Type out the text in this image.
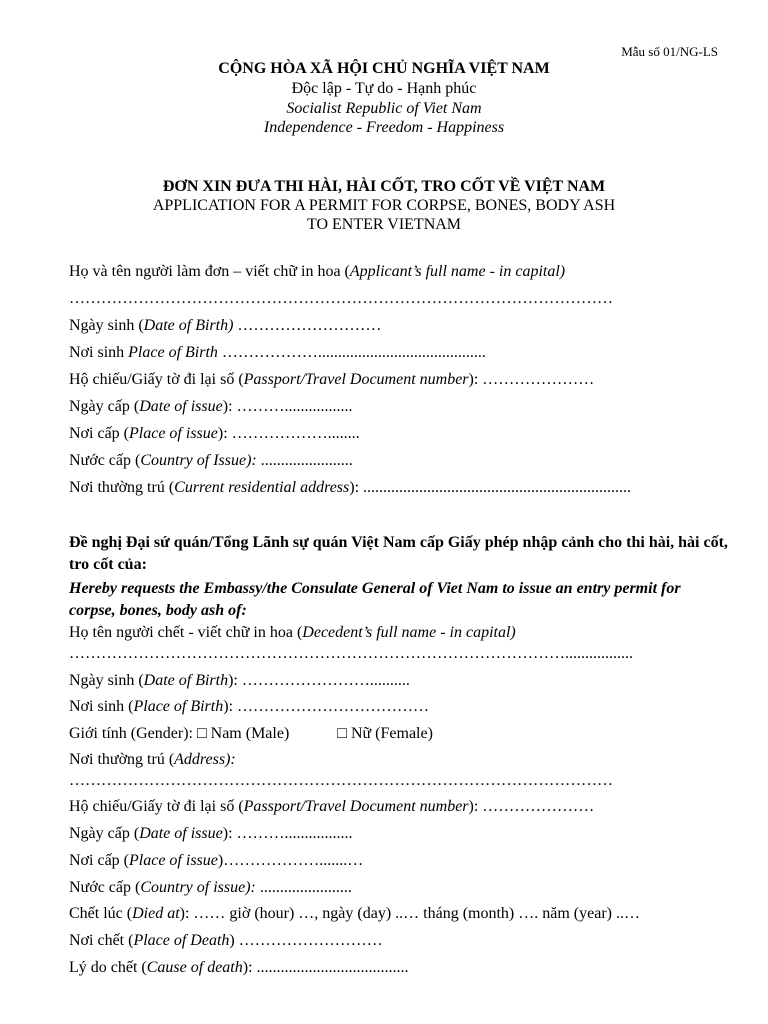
Mẫu số 01/NG-LS
CỘNG HÒA XÃ HỘI CHỦ NGHĨA VIỆT NAM
Độc lập - Tự do - Hạnh phúc
Socialist Republic of Viet Nam
Independence - Freedom - Happiness
ĐƠN XIN ĐƯA THI HÀI, HÀI CỐT, TRO CỐT VỀ VIỆT NAM
APPLICATION FOR A PERMIT FOR CORPSE, BONES, BODY ASH
TO ENTER VIETNAM
Họ và tên người làm đơn – viết chữ in hoa (Applicant’s full name - in capital)
…………………………………………………………………………………………
Ngày sinh (Date of Birth) ………………………
Nơi sinh Place of Birth ………………..........................................
Hộ chiếu/Giấy tờ đi lại số (Passport/Travel Document number): …………………
Ngày cấp (Date of issue): ……….................
Nơi cấp (Place of issue): ………………........
Nước cấp (Country of Issue): .......................
Nơi thường trú (Current residential address): ...................................................................
Đề nghị Đại sứ quán/Tổng Lãnh sự quán Việt Nam cấp Giấy phép nhập cảnh cho thi hài, hài cốt, tro cốt của:
Hereby requests the Embassy/the Consulate General of Viet Nam to issue an entry permit for corpse, bones, body ash of:
Họ tên người chết - viết chữ in hoa (Decedent’s full name - in capital)
………………………………………………………………………………….................
Ngày sinh (Date of Birth): ……………………..........
Nơi sinh (Place of Birth): ………………………………
Giới tính (Gender): □ Nam (Male)	□ Nữ (Female)
Nơi thường trú (Address):
…………………………………………………………………………………………
Hộ chiếu/Giấy tờ đi lại số (Passport/Travel Document number): …………………
Ngày cấp (Date of issue): ……….................
Nơi cấp (Place of issue)……………….......…
Nước cấp (Country of issue): .......................
Chết lúc (Died at): …… giờ (hour) …, ngày (day) ..… tháng (month) …. năm (year) ..…
Nơi chết (Place of Death) ………………………
Lý do chết (Cause of death): ......................................
